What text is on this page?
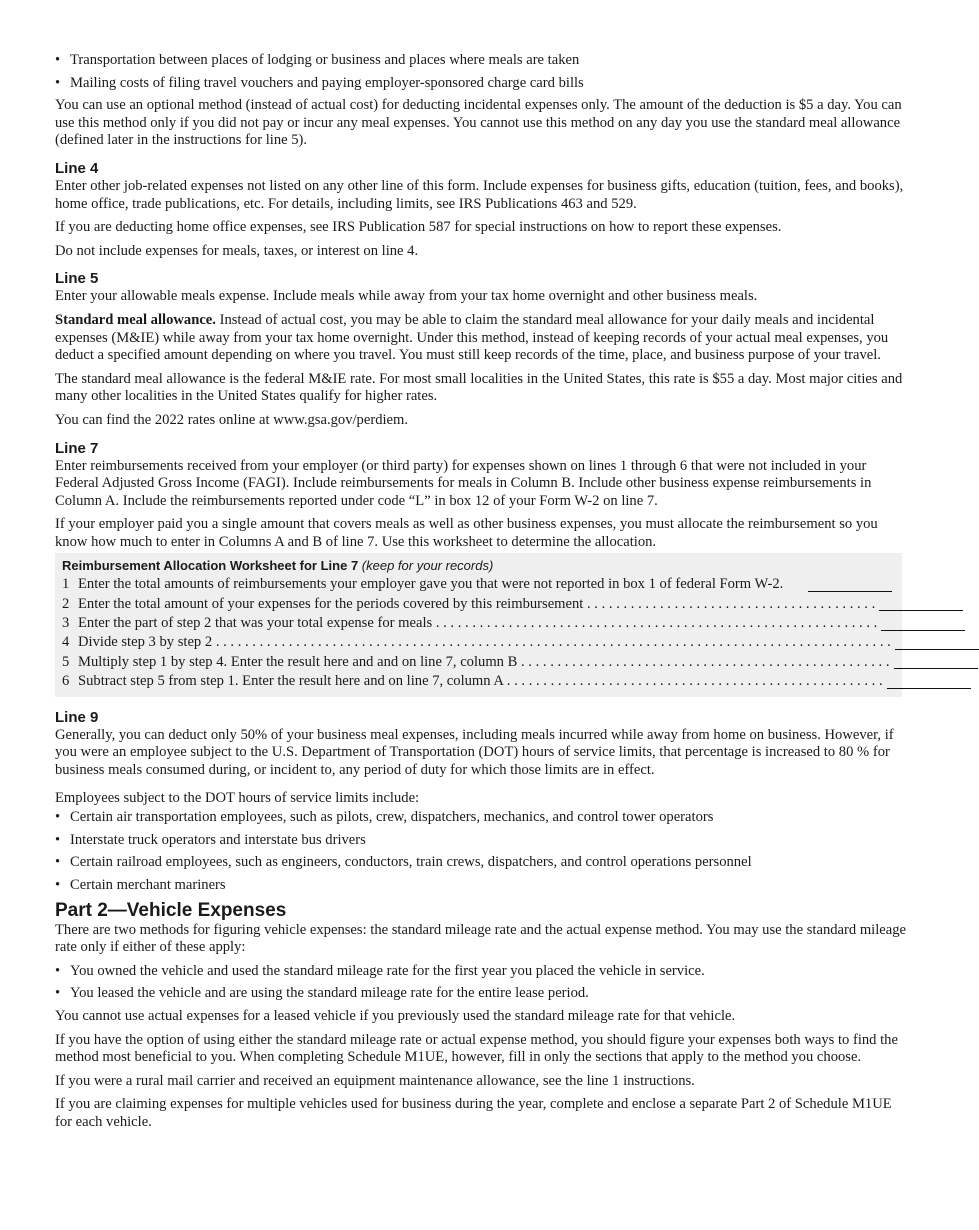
• Transportation between places of lodging or business and places where meals are taken
• Mailing costs of filing travel vouchers and paying employer-sponsored charge card bills

You can use an optional method (instead of actual cost) for deducting incidental expenses only. The amount of the deduction is $5 a day. You can use this method only if you did not pay or incur any meal expenses. You cannot use this method on any day you use the standard meal allowance (defined later in the instructions for line 5).

Line 4

Enter other job-related expenses not listed on any other line of this form. Include expenses for business gifts, education (tuition, fees, and books), home office, trade publications, etc. For details, including limits, see IRS Publications 463 and 529.

If you are deducting home office expenses, see IRS Publication 587 for special instructions on how to report these expenses.

Do not include expenses for meals, taxes, or interest on line 4.

Line 5

Enter your allowable meals expense. Include meals while away from your tax home overnight and other business meals.

Standard meal allowance. Instead of actual cost, you may be able to claim the standard meal allowance for your daily meals and incidental expenses (M&IE) while away from your tax home overnight. Under this method, instead of keeping records of your actual meal expenses, you deduct a specified amount depending on where you travel. You must still keep records of the time, place, and business purpose of your travel.

The standard meal allowance is the federal M&IE rate. For most small localities in the United States, this rate is $55 a day. Most major cities and many other localities in the United States qualify for higher rates.

You can find the 2022 rates online at www.gsa.gov/perdiem.

Line 7

Enter reimbursements received from your employer (or third party) for expenses shown on lines 1 through 6 that were not included in your Federal Adjusted Gross Income (FAGI). Include reimbursements for meals in Column B. Include other business expense reimbursements in Column A. Include the reimbursements reported under code “L” in box 12 of your Form W-2 on line 7.

If your employer paid you a single amount that covers meals as well as other business expenses, you must allocate the reimbursement so you know how much to enter in Columns A and B of line 7. Use this worksheet to determine the allocation.

Reimbursement Allocation Worksheet for Line 7 (keep for your records)
1 Enter the total amounts of reimbursements your employer gave you that were not reported in box 1 of federal Form W-2.
2 Enter the total amount of your expenses for the periods covered by this reimbursement . . . . . . . . . . . . . . . . . . . . . . . . . . . . . . . . . . . . . . . .
3 Enter the part of step 2 that was your total expense for meals . . . . . . . . . . . . . . . . . . . . . . . . . . . . . . . . . . . . . . . . . . . . . . . . . . . . . . . . . . . . .
4 Divide step 3 by step 2 . . . . . . . . . . . . . . . . . . . . . . . . . . . . . . . . . . . . . . . . . . . . . . . . . . . . . . . . . . . . . . . . . . . . . . . . . . . . . . . . . . . . . . . . . . . . .
5 Multiply step 1 by step 4. Enter the result here and and on line 7, column B . . . . . . . . . . . . . . . . . . . . . . . . . . . . . . . . . . . . . . . . . . . . . . . . . . .
6 Subtract step 5 from step 1. Enter the result here and on line 7, column A . . . . . . . . . . . . . . . . . . . . . . . . . . . . . . . . . . . . . . . . . . . . . . . . . . . .
Line 9

Generally, you can deduct only 50% of your business meal expenses, including meals incurred while away from home on business. However, if you were an employee subject to the U.S. Department of Transportation (DOT) hours of service limits, that percentage is increased to 80 % for business meals consumed during, or incident to, any period of duty for which those limits are in effect.

Employees subject to the DOT hours of service limits include:

• Certain air transportation employees, such as pilots, crew, dispatchers, mechanics, and control tower operators
• Interstate truck operators and interstate bus drivers
• Certain railroad employees, such as engineers, conductors, train crews, dispatchers, and control operations personnel
• Certain merchant mariners
Part 2—Vehicle Expenses

There are two methods for figuring vehicle expenses: the standard mileage rate and the actual expense method. You may use the standard mileage rate only if either of these apply:

• You owned the vehicle and used the standard mileage rate for the first year you placed the vehicle in service.
• You leased the vehicle and are using the standard mileage rate for the entire lease period.

You cannot use actual expenses for a leased vehicle if you previously used the standard mileage rate for that vehicle.

If you have the option of using either the standard mileage rate or actual expense method, you should figure your expenses both ways to find the method most beneficial to you. When completing Schedule M1UE, however, fill in only the sections that apply to the method you choose.

If you were a rural mail carrier and received an equipment maintenance allowance, see the line 1 instructions.

If you are claiming expenses for multiple vehicles used for business during the year, complete and enclose a separate Part 2 of Schedule M1UE for each vehicle.
